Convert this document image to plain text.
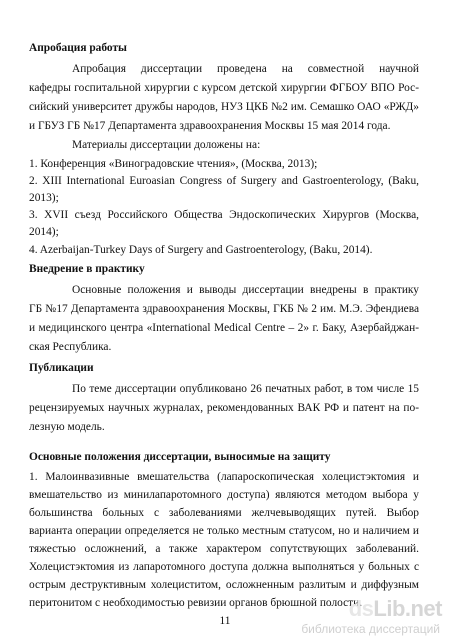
Апробация работы
Апробация диссертации проведена на совместной научной
кафедры госпитальной хирургии с курсом детской хирургии ФГБОУ ВПО Рос-
сийский университет дружбы народов, НУЗ ЦКБ №2 им. Семашко ОАО «РЖД»
и ГБУЗ ГБ №17 Департамента здравоохранения Москвы 15 мая 2014 года.
Материалы диссертации доложены на:
1. Конференция «Виноградовские чтения», (Москва, 2013);
2. XIII International Euroasian Congress of Surgery and Gastroenterology, (Baku,
2013);
3. XVII съезд Российского Общества Эндоскопических Хирургов (Москва,
2014);
4. Azerbaijan-Turkey Days of Surgery and Gastroenterology, (Baku, 2014).
Внедрение в практику
Основные положения и выводы диссертации внедрены в практику
ГБ №17 Департамента здравоохранения Москвы, ГКБ № 2 им. М.Э. Эфендиева
и медицинского центра «International Medical Centre – 2» г. Баку, Азербайджан-
ская Республика.
Публикации
По теме диссертации опубликовано 26 печатных работ, в том числе 15
рецензируемых научных журналах, рекомендованных ВАК РФ и патент на по-
лезную модель.
Основные положения диссертации, выносимые на защиту
1. Малоинвазивные вмешательства (лапароскопическая холецистэктомия и
вмешательство из минилапаротомного доступа) являются методом выбора у
большинства больных с заболеваниями желчевыводящих путей. Выбор
варианта операции определяется не только местным статусом, но и наличием и
тяжестью осложнений, а также характером сопутствующих заболеваний.
Холецистэктомия из лапаротомного доступа должна выполняться у больных с
острым деструктивным холециститом, осложненным разлитым и диффузным
перитонитом с необходимостью ревизии органов брюшной полости.
11	dsLib.net
библиотека диссертаций
